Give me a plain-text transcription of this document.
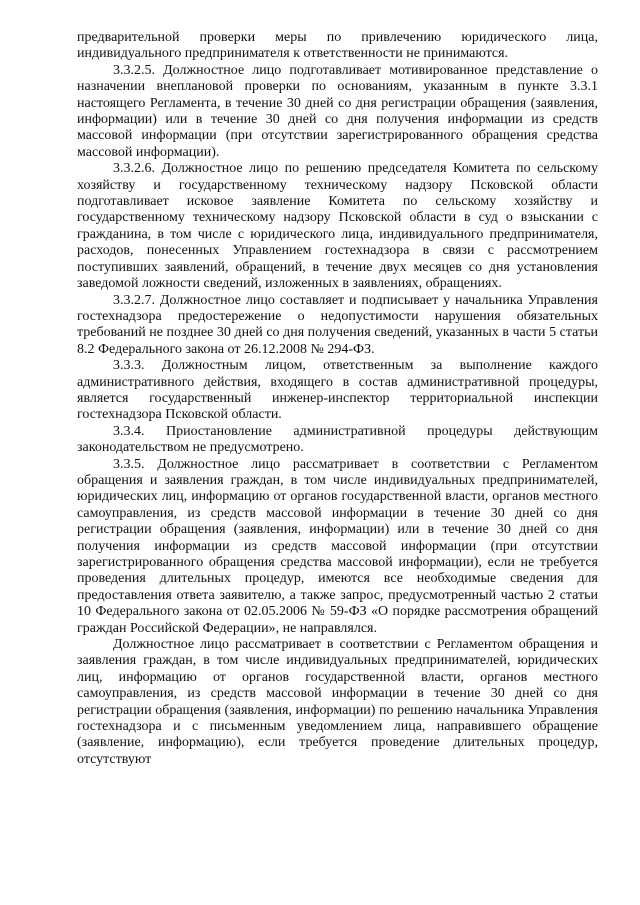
предварительной проверки меры по привлечению юридического лица, индивидуального предпринимателя к ответственности не принимаются.

3.3.2.5. Должностное лицо подготавливает мотивированное представление о назначении внеплановой проверки по основаниям, указанным в пункте 3.3.1 настоящего Регламента, в течение 30 дней со дня регистрации обращения (заявления, информации) или в течение 30 дней со дня получения информации из средств массовой информации (при отсутствии зарегистрированного обращения средства массовой информации).

3.3.2.6. Должностное лицо по решению председателя Комитета по сельскому хозяйству и государственному техническому надзору Псковской области подготавливает исковое заявление Комитета по сельскому хозяйству и государственному техническому надзору Псковской области в суд о взыскании с гражданина, в том числе с юридического лица, индивидуального предпринимателя, расходов, понесенных Управлением гостехнадзора в связи с рассмотрением поступивших заявлений, обращений, в течение двух месяцев со дня установления заведомой ложности сведений, изложенных в заявлениях, обращениях.

3.3.2.7. Должностное лицо составляет и подписывает у начальника Управления гостехнадзора предостережение о недопустимости нарушения обязательных требований не позднее 30 дней со дня получения сведений, указанных в части 5 статьи 8.2 Федерального закона от 26.12.2008 № 294-ФЗ.

3.3.3. Должностным лицом, ответственным за выполнение каждого административного действия, входящего в состав административной процедуры, является государственный инженер-инспектор территориальной инспекции гостехнадзора Псковской области.

3.3.4. Приостановление административной процедуры действующим законодательством не предусмотрено.

3.3.5. Должностное лицо рассматривает в соответствии с Регламентом обращения и заявления граждан, в том числе индивидуальных предпринимателей, юридических лиц, информацию от органов государственной власти, органов местного самоуправления, из средств массовой информации в течение 30 дней со дня регистрации обращения (заявления, информации) или в течение 30 дней со дня получения информации из средств массовой информации (при отсутствии зарегистрированного обращения средства массовой информации), если не требуется проведения длительных процедур, имеются все необходимые сведения для предоставления ответа заявителю, а также запрос, предусмотренный частью 2 статьи 10 Федерального закона от 02.05.2006 № 59-ФЗ «О порядке рассмотрения обращений граждан Российской Федерации», не направлялся.

Должностное лицо рассматривает в соответствии с Регламентом обращения и заявления граждан, в том числе индивидуальных предпринимателей, юридических лиц, информацию от органов государственной власти, органов местного самоуправления, из средств массовой информации в течение 30 дней со дня регистрации обращения (заявления, информации) по решению начальника Управления гостехнадзора и с письменным уведомлением лица, направившего обращение (заявление, информацию), если требуется проведение длительных процедур, отсутствуют
